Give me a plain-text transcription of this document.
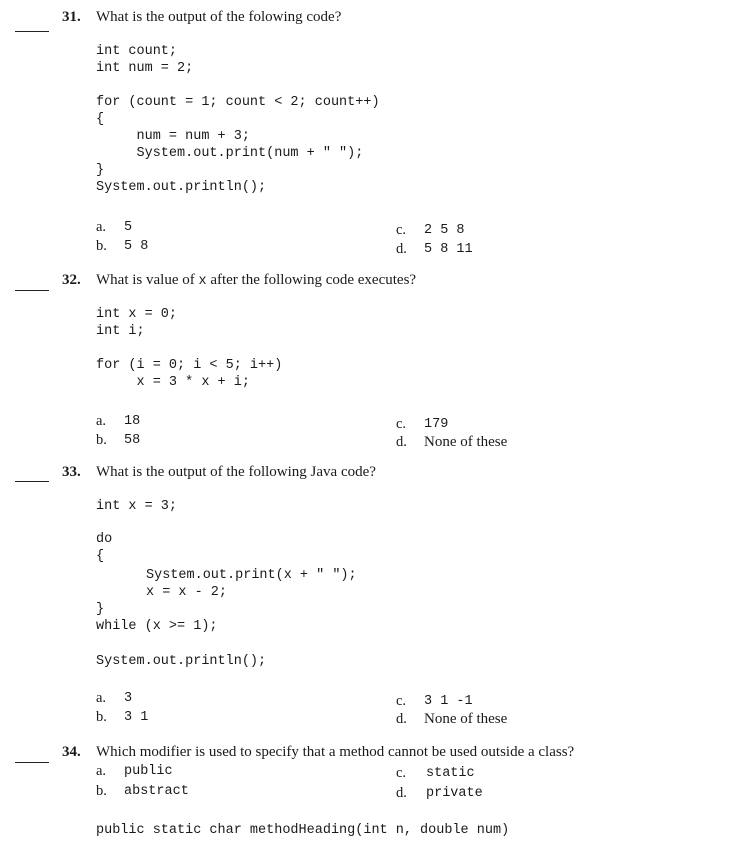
31. What is the output of the folowing code?
int count;
int num = 2;

for (count = 1; count < 2; count++)
{
num = num + 3;
System.out.print(num + " ");
}
System.out.println();
a. 5
b. 5 8
c. 2 5 8
d. 5 8 11
32. What is value of x after the following code executes?
int x = 0;
int i;

for (i = 0; i < 5; i++)
x = 3 * x + i;
a. 18
b. 58
c. 179
d. None of these
33. What is the output of the following Java code?
int x = 3;
do
{
System.out.print(x + " ");
x = x - 2;
}
while (x >= 1);
System.out.println();
a. 3
b. 3 1
c. 3 1 -1
d. None of these
34. Which modifier is used to specify that a method cannot be used outside a class?
a. public
b. abstract
c. static
d. private
public static char methodHeading(int n, double num)
